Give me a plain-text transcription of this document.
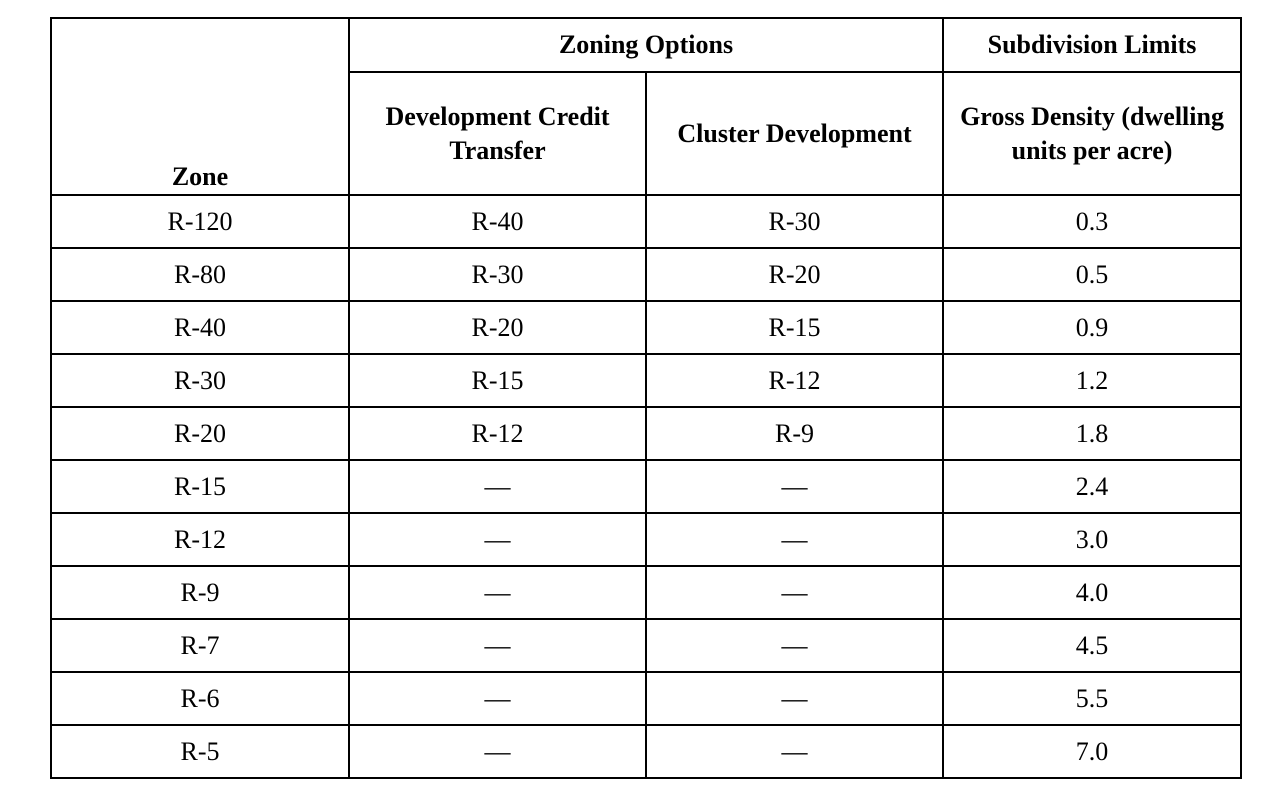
Zone	Zoning Options		Subdivision Limits
	Development Credit Transfer	Cluster Development	Gross Density (dwelling units per acre)
R-120	R-40	R-30	0.3
R-80	R-30	R-20	0.5
R-40	R-20	R-15	0.9
R-30	R-15	R-12	1.2
R-20	R-12	R-9	1.8
R-15	—	—	2.4
R-12	—	—	3.0
R-9	—	—	4.0
R-7	—	—	4.5
R-6	—	—	5.5
R-5	—	—	7.0
